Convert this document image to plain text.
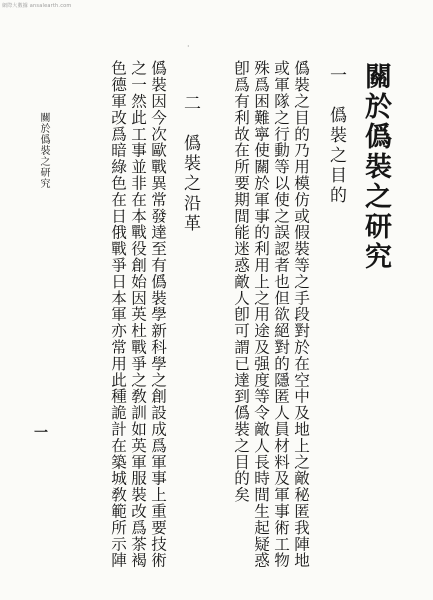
網際大數據 ansalearth.com
·
關於僞裝之研究
一　僞裝之目的
僞裝之目的乃用模仿或假裝等之手段對於在空中及地上之敵秘匿我陣地
或軍隊之行動等以使之誤認者也但欲絕對的隱匿人員材料及軍事術工物
殊爲困難寧使關於軍事的利用上之用途及强度等令敵人長時間生起疑惑
卽爲有利故在所要期間能迷惑敵人卽可謂已達到僞裝之目的矣
二　僞裝之沿革
僞裝因今次歐戰異常發達至有僞裝學新科學之創設成爲軍事上重要技術
之一然此工事並非在本戰役創始因英杜戰爭之敎訓如英軍服裝改爲茶褐
色德軍改爲暗綠色在日俄戰爭日本軍亦常用此種詭計在築城敎範所示陣
關於僞裝之研究
一
